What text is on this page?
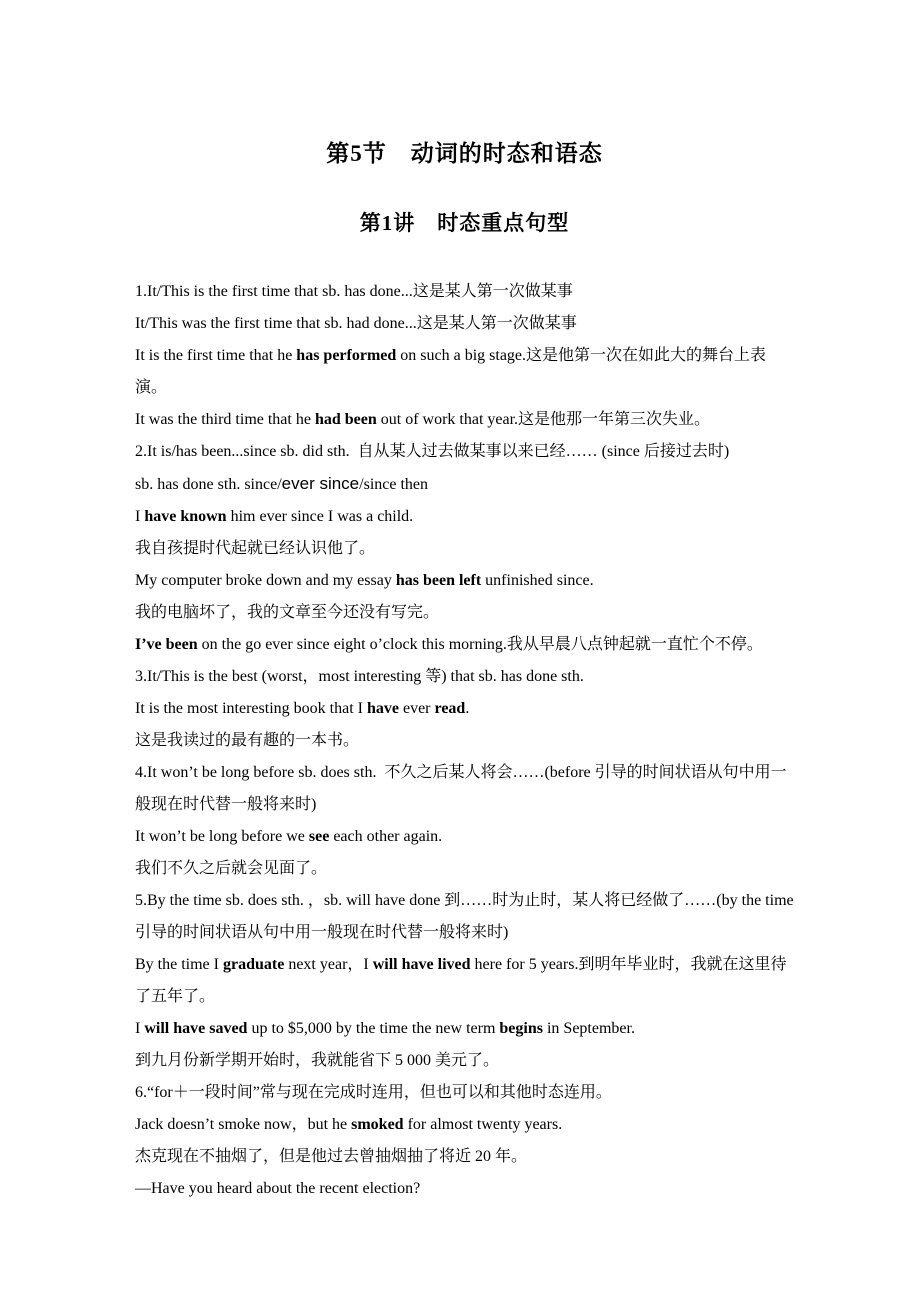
第5节　动词的时态和语态
第1讲　时态重点句型

1.It/This is the first time that sb. has done...这是某人第一次做某事

It/This was the first time that sb. had done...这是某人第一次做某事

It is the first time that he has performed on such a big stage.这是他第一次在如此大的舞台上表演。

It was the third time that he had been out of work that year.这是他那一年第三次失业。

2.It is/has been...since sb. did sth.  自从某人过去做某事以来已经…… (since 后接过去时)

sb. has done sth. since/ever since/since then

I have known him ever since I was a child.

我自孩提时代起就已经认识他了。

My computer broke down and my essay has been left unfinished since.

我的电脑坏了，我的文章至今还没有写完。

I’ve been on the go ever since eight o’clock this morning.我从早晨八点钟起就一直忙个不停。

3.It/This is the best (worst，most interesting 等) that sb. has done sth.

It is the most interesting book that I have ever read.

这是我读过的最有趣的一本书。

4.It won’t be long before sb. does sth.  不久之后某人将会……(before 引导的时间状语从句中用一般现在时代替一般将来时)

It won’t be long before we see each other again.

我们不久之后就会见面了。

5.By the time sb. does sth. ，sb. will have done 到……时为止时，某人将已经做了……(by the time 引导的时间状语从句中用一般现在时代替一般将来时)

By the time I graduate next year，I will have lived here for 5 years.到明年毕业时，我就在这里待了五年了。

I will have saved up to $5,000 by the time the new term begins in September.

到九月份新学期开始时，我就能省下 5 000 美元了。

6.“for＋一段时间”常与现在完成时连用，但也可以和其他时态连用。

Jack doesn’t smoke now，but he smoked for almost twenty years.

杰克现在不抽烟了，但是他过去曾抽烟抽了将近 20 年。

—Have you heard about the recent election?
